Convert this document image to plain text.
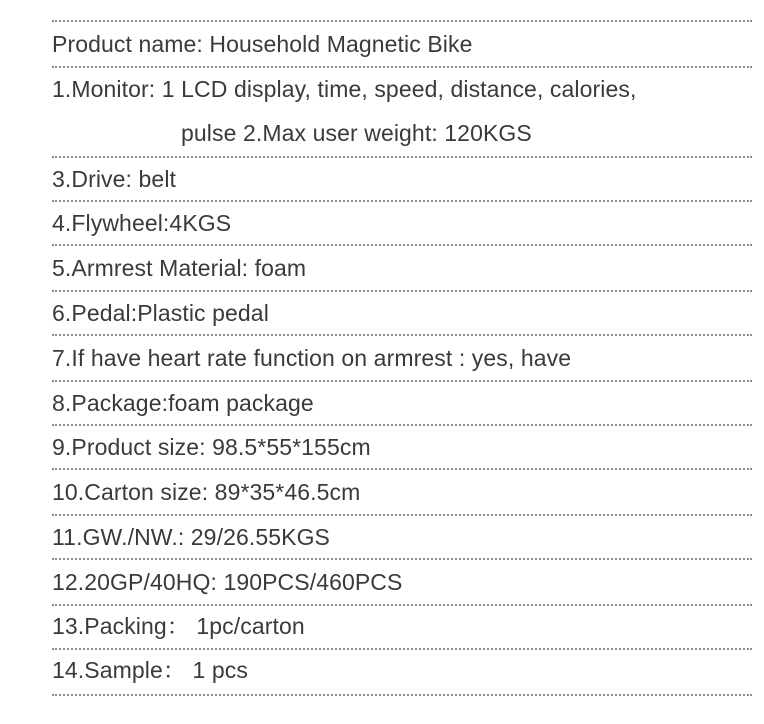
Product name: Household Magnetic Bike
1.Monitor: 1 LCD display, time, speed, distance, calories,
pulse 2.Max user weight: 120KGS
3.Drive: belt
4.Flywheel:4KGS
5.Armrest Material: foam
6.Pedal:Plastic pedal
7.If have heart rate function on armrest : yes, have
8.Package:foam package
9.Product size: 98.5*55*155cm
10.Carton size: 89*35*46.5cm
11.GW./NW.: 29/26.55KGS
12.20GP/40HQ: 190PCS/460PCS
13.Packing： 1pc/carton
14.Sample： 1 pcs
